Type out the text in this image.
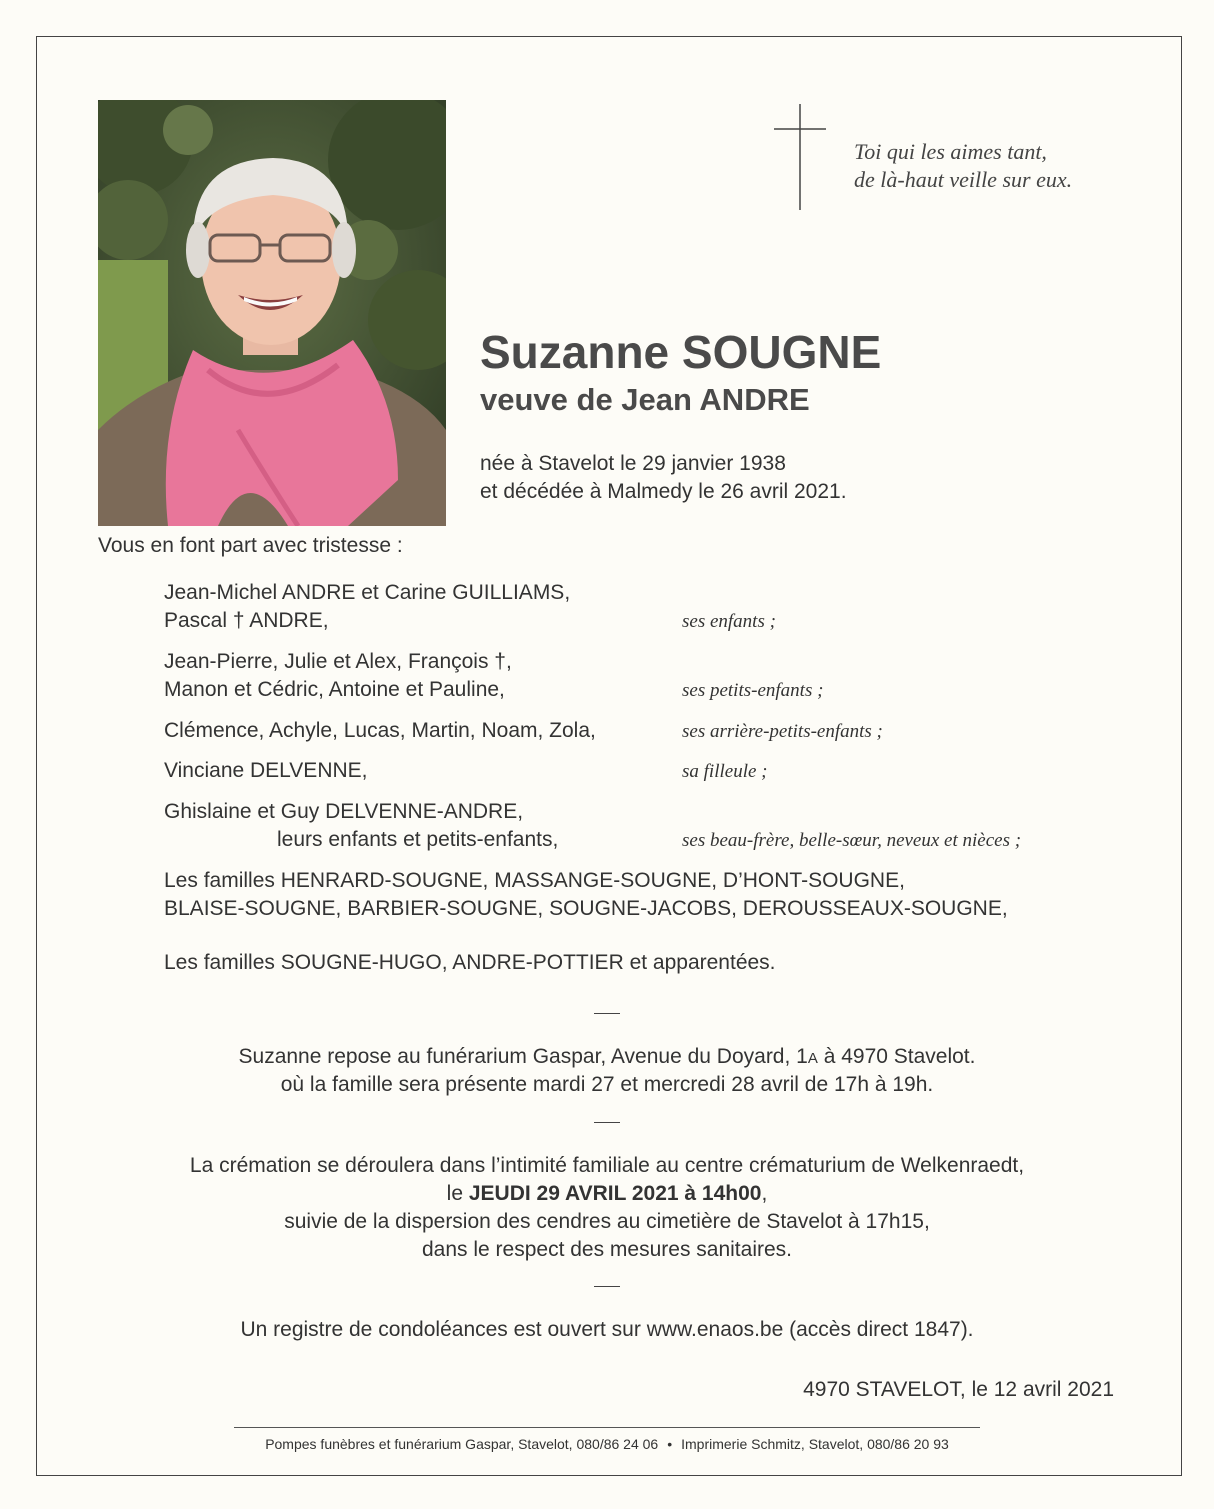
Toi qui les aimes tant,
de là-haut veille sur eux.
Suzanne SOUGNE
veuve de Jean ANDRE
née à Stavelot le 29 janvier 1938
et décédée à Malmedy le 26 avril 2021.
Vous en font part avec tristesse :
Jean-Michel ANDRE et Carine GUILLIAMS,
Pascal † ANDRE,	ses enfants ;
Jean-Pierre, Julie et Alex, François †,
Manon et Cédric, Antoine et Pauline,	ses petits-enfants ;
Clémence, Achyle, Lucas, Martin, Noam, Zola,	ses arrière-petits-enfants ;
Vinciane DELVENNE,	sa filleule ;
Ghislaine et Guy DELVENNE-ANDRE,
leurs enfants et petits-enfants,	ses beau-frère, belle-sœur, neveux et nièces ;
Les familles HENRARD-SOUGNE, MASSANGE-SOUGNE, D’HONT-SOUGNE,
BLAISE-SOUGNE, BARBIER-SOUGNE, SOUGNE-JACOBS, DEROUSSEAUX-SOUGNE,
Les familles SOUGNE-HUGO, ANDRE-POTTIER et apparentées.
Suzanne repose au funérarium Gaspar, Avenue du Doyard, 1A à 4970 Stavelot.
où la famille sera présente mardi 27 et mercredi 28 avril de 17h à 19h.
La crémation se déroulera dans l’intimité familiale au centre crématurium de Welkenraedt,
le JEUDI 29 AVRIL 2021 à 14h00,
suivie de la dispersion des cendres au cimetière de Stavelot à 17h15,
dans le respect des mesures sanitaires.
Un registre de condoléances est ouvert sur www.enaos.be (accès direct 1847).
4970 STAVELOT, le 12 avril 2021
Pompes funèbres et funérarium Gaspar, Stavelot, 080/86 24 06 • Imprimerie Schmitz, Stavelot, 080/86 20 93
